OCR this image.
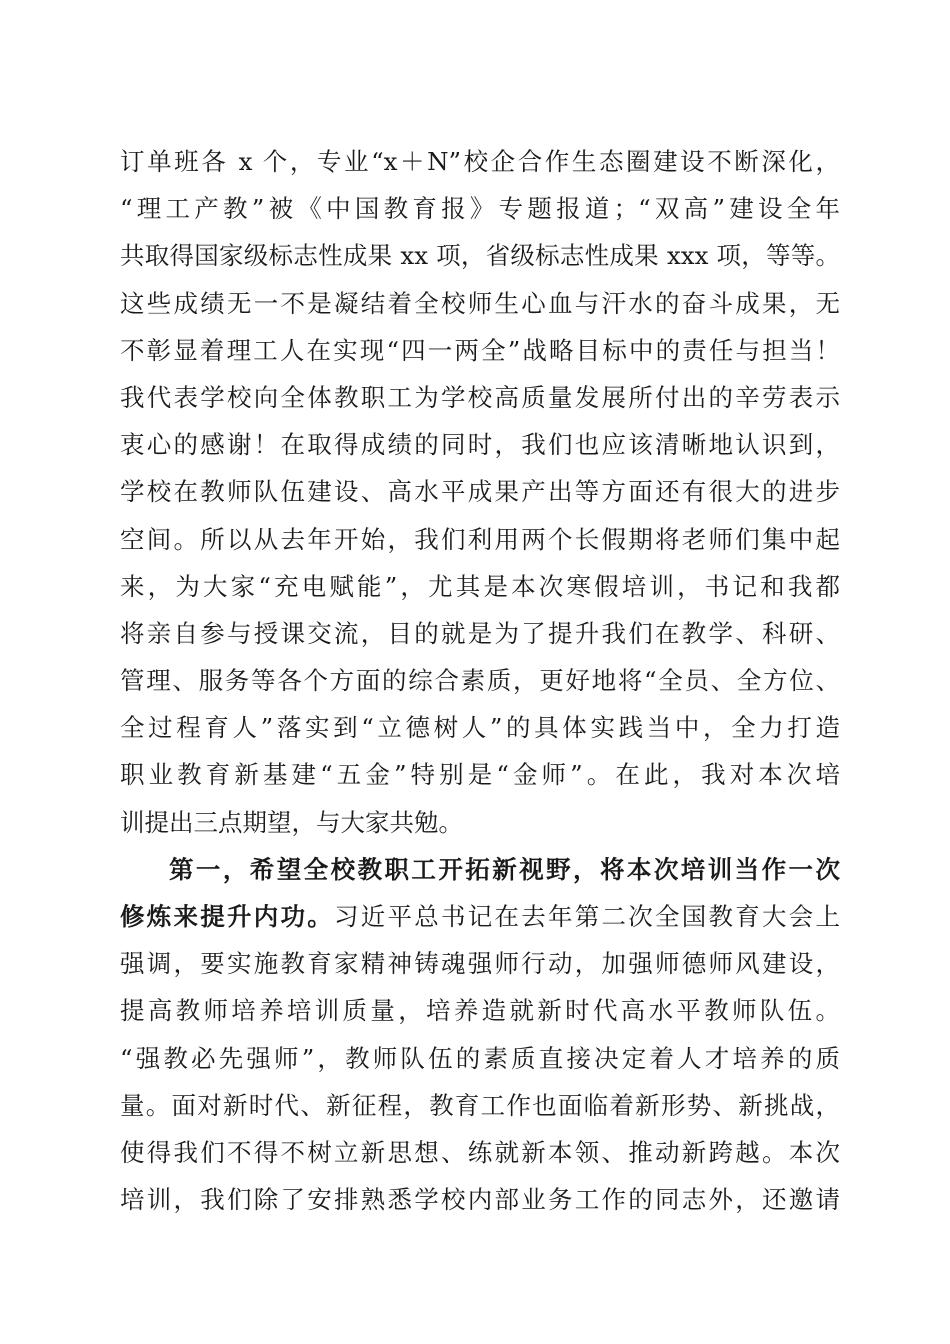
订单班各 x 个，专业“x＋N”校企合作生态圈建设不断深化，
“理工产教”被《中国教育报》专题报道；“双高”建设全年
共取得国家级标志性成果 xx 项，省级标志性成果 xxx 项，等等。
这些成绩无一不是凝结着全校师生心血与汗水的奋斗成果，无
不彰显着理工人在实现“四一两全”战略目标中的责任与担当！
我代表学校向全体教职工为学校高质量发展所付出的辛劳表示
衷心的感谢！在取得成绩的同时，我们也应该清晰地认识到，
学校在教师队伍建设、高水平成果产出等方面还有很大的进步
空间。所以从去年开始，我们利用两个长假期将老师们集中起
来，为大家“充电赋能”，尤其是本次寒假培训，书记和我都
将亲自参与授课交流，目的就是为了提升我们在教学、科研、
管理、服务等各个方面的综合素质，更好地将“全员、全方位、
全过程育人”落实到“立德树人”的具体实践当中，全力打造
职业教育新基建“五金”特别是“金师”。在此，我对本次培
训提出三点期望，与大家共勉。
第一，希望全校教职工开拓新视野，将本次培训当作一次
修炼来提升内功。习近平总书记在去年第二次全国教育大会上
强调，要实施教育家精神铸魂强师行动，加强师德师风建设，
提高教师培养培训质量，培养造就新时代高水平教师队伍。
“强教必先强师”，教师队伍的素质直接决定着人才培养的质
量。面对新时代、新征程，教育工作也面临着新形势、新挑战，
使得我们不得不树立新思想、练就新本领、推动新跨越。本次
培训，我们除了安排熟悉学校内部业务工作的同志外，还邀请
